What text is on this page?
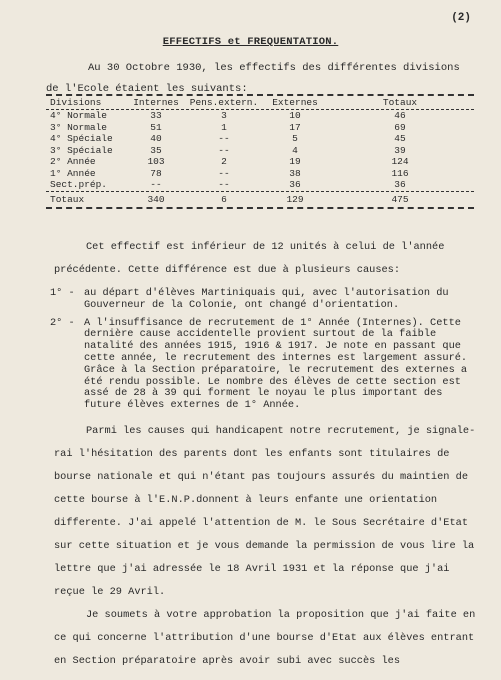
(2)
EFFECTIFS et FREQUENTATION.

Au 30 Octobre 1930, les effectifs des différentes divisions

de l'Ecole étaient les suivants:

Divisions	Internes	Pens.extern.	Externes	Totaux
4° Normale	33	3	10	46
3° Normale	51	1	17	69
4° Spéciale	40	--	5	45
3° Spéciale	35	--	4	39
2° Année	103	2	19	124
1° Année	78	--	38	116
Sect.prép.	--	--	36	36
Totaux	340	6	129	475

Cet effectif est inférieur de 12 unités à celui de l'année précédente. Cette différence est due à plusieurs causes:

1° - au départ d'élèves Martiniquais qui, avec l'autorisation du Gouverneur de la Colonie, ont changé d'orientation.
2° - A l'insuffisance de recrutement de 1° Année (Internes). Cette dernière cause accidentelle provient surtout de la faible natalité des années 1915, 1916 & 1917. Je note en passant que cette année, le recrutement des internes est largement assuré. Grâce à la Section préparatoire, le recrutement des externes a été rendu possible. Le nombre des élèves de cette section est assé de 28 à 39 qui forment le noyau le plus important des future élèves externes de 1° Année.

Parmi les causes qui handicapent notre recrutement, je signale-rai l'hésitation des parents dont les enfants sont titulaires de bourse nationale et qui n'étant pas toujours assurés du maintien de cette bourse à l'E.N.P.donnent à leurs enfante une orientation differente. J'ai appelé l'attention de M. le Sous Secrétaire d'Etat sur cette situation et je vous demande la permission de vous lire la lettre que j'ai adressée le 18 Avril 1931 et la réponse que j'ai reçue le 29 Avril.

Je soumets à votre approbation la proposition que j'ai faite en ce qui concerne l'attribution d'une bourse d'Etat aux élèves entrant en Section préparatoire après avoir subi avec succès les
